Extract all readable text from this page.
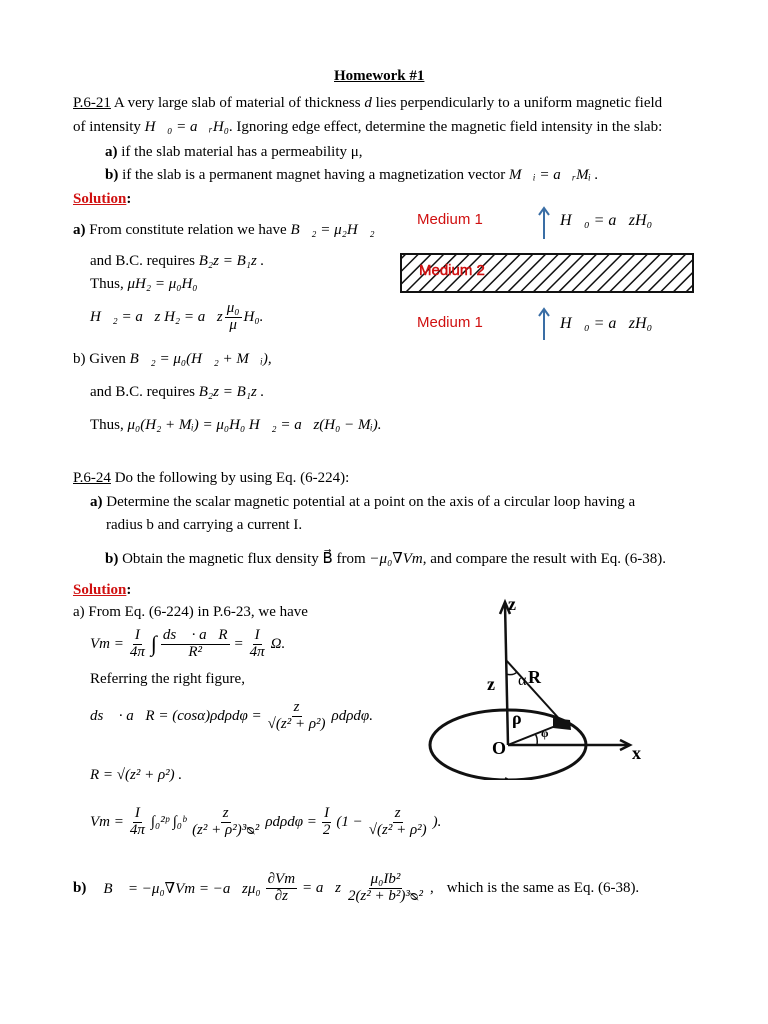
Homework #1
P.6-21 A very large slab of material of thickness d lies perpendicularly to a uniform magnetic field
of intensity H⃗₀ = a⃗ᵣH₀. Ignoring edge effect, determine the magnetic field intensity in the slab:
a) if the slab material has a permeability μ,
b) if the slab is a permanent magnet having a magnetization vector M⃗ᵢ = a⃗ᵣMᵢ .
Solution:
a) From constitute relation we have B⃗₂ = μ₂H⃗₂
and B.C. requires B₂z = B₁z .
Thus, μH₂ = μ₀H₀
H⃗₂ = a⃗z H₂ = a⃗z $\frac{\text{μ₀}}{\mu} H_0$.
b) Given B⃗₂ = μ₀(H⃗₂ + M⃗ᵢ),
and B.C. requires B₂z = B₁z .
Thus, μ₀(H₂ + Mᵢ) = μ₀H₀ H⃗₂ = a⃗z(H₀ − Mᵢ).
Medium 1
Medium 1
Medium 2
H⃗₀ = a⃗zH₀
H⃗₀ = a⃗zH₀
P.6-24 Do the following by using Eq. (6-224):
a) Determine the scalar magnetic potential at a point on the axis of a circular loop having a
radius b and carrying a current I.
b) Obtain the magnetic flux density B⃗ from −μ₀∇Vm, and compare the result with Eq. (6-38).
Solution:
a) From Eq. (6-224) in P.6-23, we have
$Vm = \frac{I}{4\pi}$ ∫ $\frac{ds⃗ \cdot a⃗R}{\text{R²}} = \frac{I}{4\pi} \Omega$.
Referring the right figure,
ds⃗ · a⃗R = $(\cos\alpha)\rho d\rho d\varphi = \frac{z}{\text{√(z² + ρ²)}} \rho d\rho d\varphi$.
R = √(z² + ρ²) .
$Vm = \frac{I}{4\pi}$ ∫₀²ᵖ ∫₀ᵇ $\frac{z}{\text{(z² + ρ²)³ᴓ²}}$ $\rho d\rho d\varphi = \frac{I}{2} (1 - \frac{z}{\text{√(z² + ρ²)}}$ ).
b) B⃗ = −μ₀∇Vm = −a⃗zμ₀ $\frac{\partial Vm}{\partial z}$ = a⃗z $\frac{\text{μ₀Ib²}}{\text{2(z² + b²)³ᴓ²}}$ , which is the same as Eq. (6-38).
z
z α R
ρ
φ
O	x
